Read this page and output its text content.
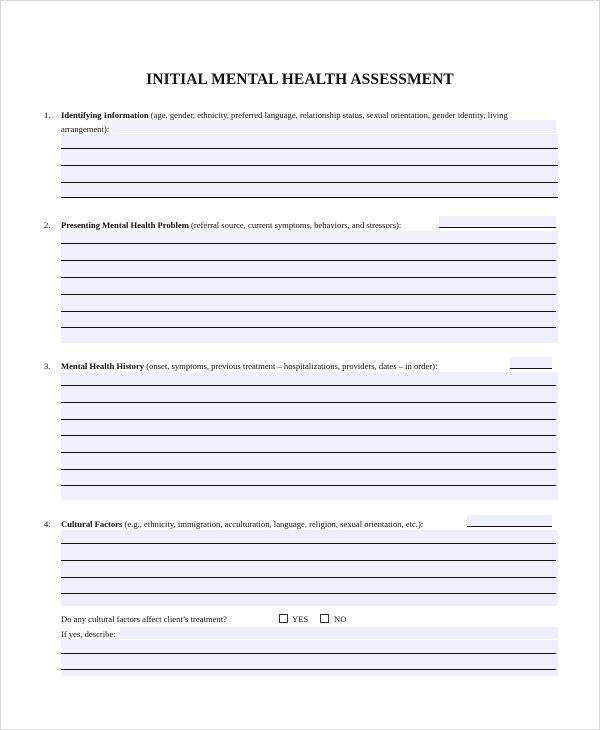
INITIAL MENTAL HEALTH ASSESSMENT
1. Identifying Information (age, gender, ethnicity, preferred language, relationship status, sexual orientation, gender identity, living
arrangement):
2. Presenting Mental Health Problem (referral source, current symptoms, behaviors, and stressors):
3. Mental Health History (onset, symptoms, previous treatment – hospitalizations, providers, dates – in order):
4. Cultural Factors (e.g., ethnicity, immigration, acculturation, language, religion, sexual orientation, etc.):
Do any cultural factors affect client’s treatment?	YES	NO
If yes, describe:
